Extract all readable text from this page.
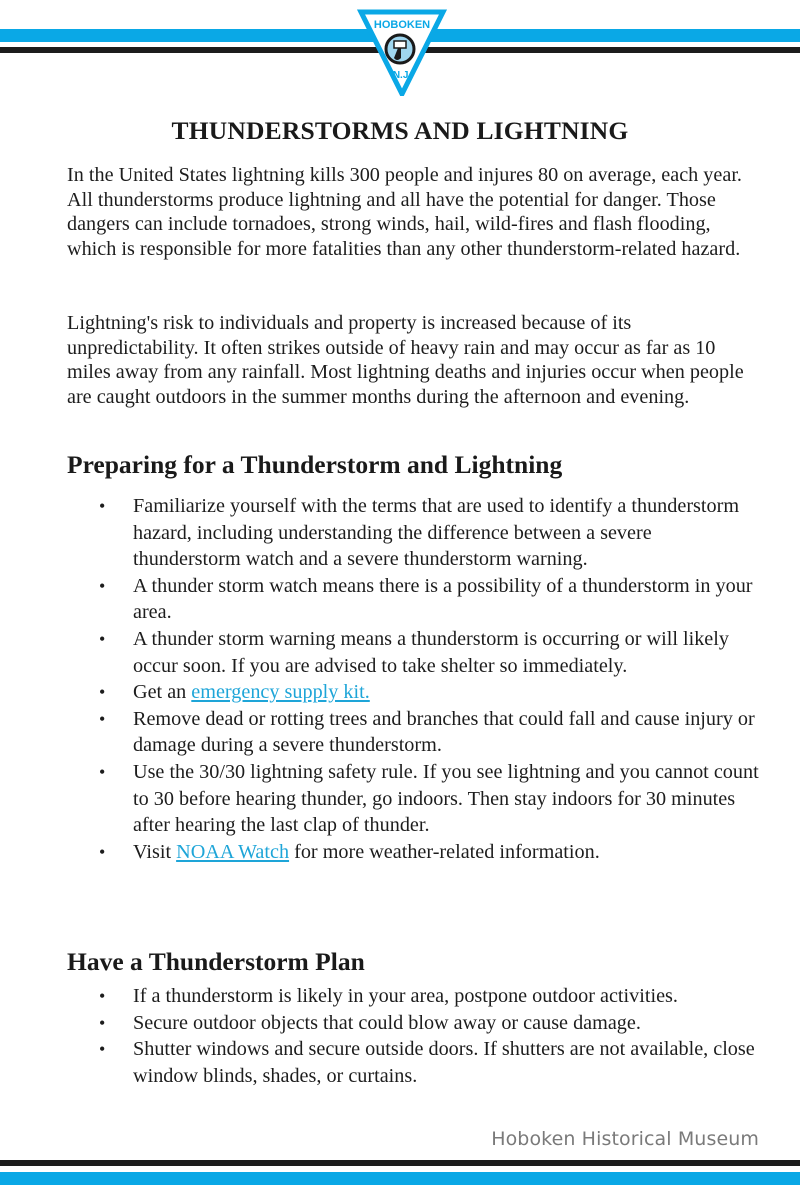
HOBOKEN
N.J.
THUNDERSTORMS AND LIGHTNING

In the United States lightning kills 300 people and injures 80 on average, each year. All thunderstorms produce lightning and all have the potential for danger. Those dangers can include tornadoes, strong winds, hail, wild-fires and flash flooding, which is responsible for more fatalities than any other thunderstorm-related hazard.

Lightning's risk to individuals and property is increased because of its unpredictability. It often strikes outside of heavy rain and may occur as far as 10 miles away from any rainfall. Most lightning deaths and injuries occur when people are caught outdoors in the summer months during the afternoon and evening.

Preparing for a Thunderstorm and Lightning
• Familiarize yourself with the terms that are used to identify a thunderstorm hazard, including understanding the difference between a severe thunderstorm watch and a severe thunderstorm warning.
• A thunder storm watch means there is a possibility of a thunderstorm in your area.
• A thunder storm warning means a thunderstorm is occurring or will likely occur soon. If you are advised to take shelter so immediately.
• Get an emergency supply kit.
• Remove dead or rotting trees and branches that could fall and cause injury or damage during a severe thunderstorm.
• Use the 30/30 lightning safety rule. If you see lightning and you cannot count to 30 before hearing thunder, go indoors. Then stay indoors for 30 minutes after hearing the last clap of thunder.
• Visit NOAA Watch for more weather-related information.
Have a Thunderstorm Plan
• If a thunderstorm is likely in your area, postpone outdoor activities.
• Secure outdoor objects that could blow away or cause damage.
• Shutter windows and secure outside doors. If shutters are not available, close window blinds, shades, or curtains.
Hoboken Historical Museum
